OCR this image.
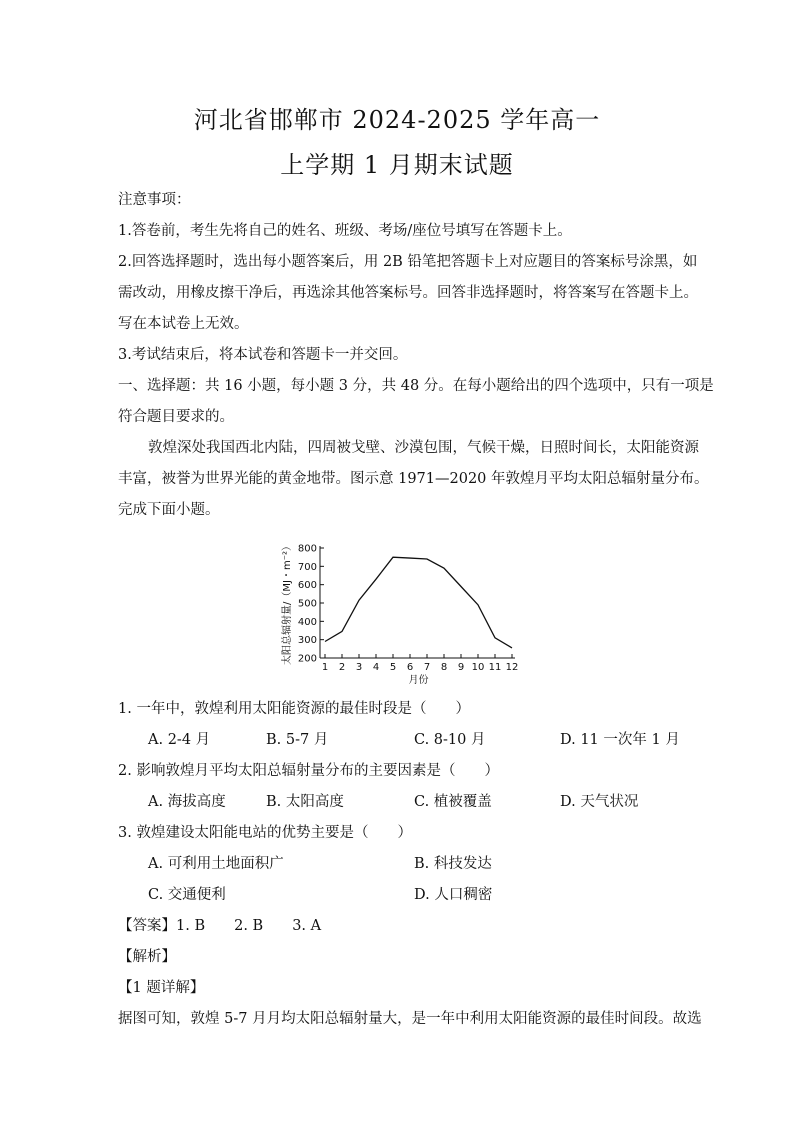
河北省邯郸市 2024-2025 学年高一
上学期 1 月期末试题
注意事项：
1.答卷前，考生先将自己的姓名、班级、考场/座位号填写在答题卡上。
2.回答选择题时，选出每小题答案后，用 2B 铅笔把答题卡上对应题目的答案标号涂黑，如
需改动，用橡皮擦干净后，再选涂其他答案标号。回答非选择题时，将答案写在答题卡上。
写在本试卷上无效。
3.考试结束后，将本试卷和答题卡一并交回。
一、选择题：共 16 小题，每小题 3 分，共 48 分。在每小题给出的四个选项中，只有一项是
符合题目要求的。
敦煌深处我国西北内陆，四周被戈壁、沙漠包围，气候干燥，日照时间长，太阳能资源
丰富，被誉为世界光能的黄金地带。图示意 1971—2020 年敦煌月平均太阳总辐射量分布。
完成下面小题。
200
300
400
500
600
700
800
1 2 3 4 5 6 7 8 9 10 11 12
月份
太阳总辐射量/（MJ・m⁻²）
1. 一年中，敦煌利用太阳能资源的最佳时段是（　　）
A. 2-4 月	B. 5-7 月	C. 8-10 月	D. 11 一次年 1 月
2. 影响敦煌月平均太阳总辐射量分布的主要因素是（　　）
A. 海拔高度	B. 太阳高度	C. 植被覆盖	D. 天气状况
3. 敦煌建设太阳能电站的优势主要是（　　）
A. 可利用土地面积广	B. 科技发达
C. 交通便利	D. 人口稠密
【答案】1. B　　2. B　　3. A
【解析】
【1 题详解】
据图可知，敦煌 5-7 月月均太阳总辐射量大，是一年中利用太阳能资源的最佳时间段。故选
